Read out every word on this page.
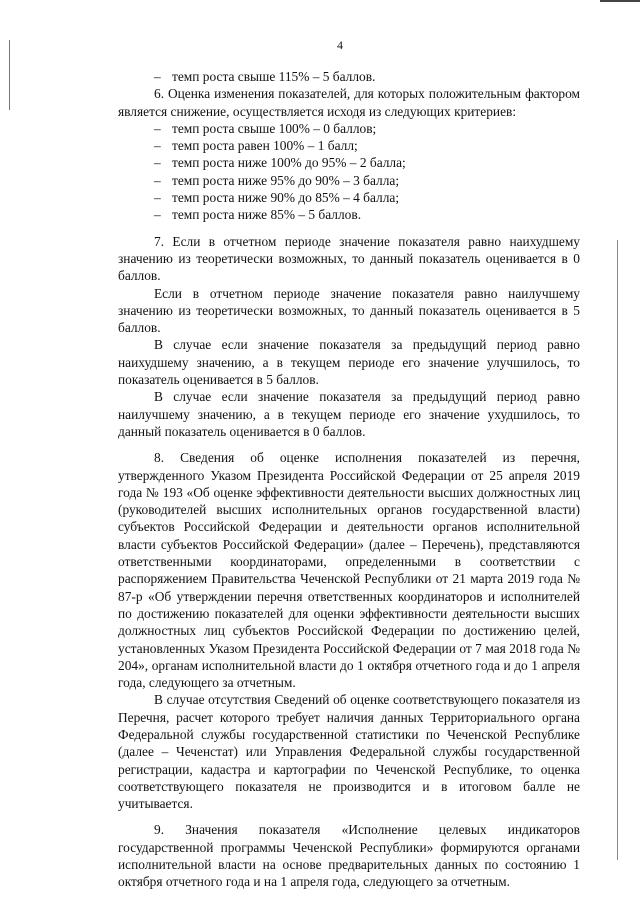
4
– темп роста свыше 115% – 5 баллов.

6. Оценка изменения показателей, для которых положительным фактором является снижение, осуществляется исходя из следующих критериев:

– темп роста свыше 100% – 0 баллов;
– темп роста равен 100% – 1 балл;
– темп роста ниже 100% до 95% – 2 балла;
– темп роста ниже 95% до 90% – 3 балла;
– темп роста ниже 90% до 85% – 4 балла;
– темп роста ниже 85% – 5 баллов.

7. Если в отчетном периоде значение показателя равно наихудшему значению из теоретически возможных, то данный показатель оценивается в 0 баллов.

Если в отчетном периоде значение показателя равно наилучшему значению из теоретически возможных, то данный показатель оценивается в 5 баллов.

В случае если значение показателя за предыдущий период равно наихудшему значению, а в текущем периоде его значение улучшилось, то показатель оценивается в 5 баллов.

В случае если значение показателя за предыдущий период равно наилучшему значению, а в текущем периоде его значение ухудшилось, то данный показатель оценивается в 0 баллов.

8. Сведения об оценке исполнения показателей из перечня, утвержденного Указом Президента Российской Федерации от 25 апреля 2019 года № 193 «Об оценке эффективности деятельности высших должностных лиц (руководителей высших исполнительных органов государственной власти) субъектов Российской Федерации и деятельности органов исполнительной власти субъектов Российской Федерации» (далее – Перечень), представляются ответственными координаторами, определенными в соответствии с распоряжением Правительства Чеченской Республики от 21 марта 2019 года № 87-р «Об утверждении перечня ответственных координаторов и исполнителей по достижению показателей для оценки эффективности деятельности высших должностных лиц субъектов Российской Федерации по достижению целей, установленных Указом Президента Российской Федерации от 7 мая 2018 года № 204», органам исполнительной власти до 1 октября отчетного года и до 1 апреля года, следующего за отчетным.

В случае отсутствия Сведений об оценке соответствующего показателя из Перечня, расчет которого требует наличия данных Территориального органа Федеральной службы государственной статистики по Чеченской Республике (далее – Чеченстат) или Управления Федеральной службы государственной регистрации, кадастра и картографии по Чеченской Республике, то оценка соответствующего показателя не производится и в итоговом балле не учитывается.

9. Значения показателя «Исполнение целевых индикаторов государственной программы Чеченской Республики» формируются органами исполнительной власти на основе предварительных данных по состоянию 1 октября отчетного года и на 1 апреля года, следующего за отчетным.
